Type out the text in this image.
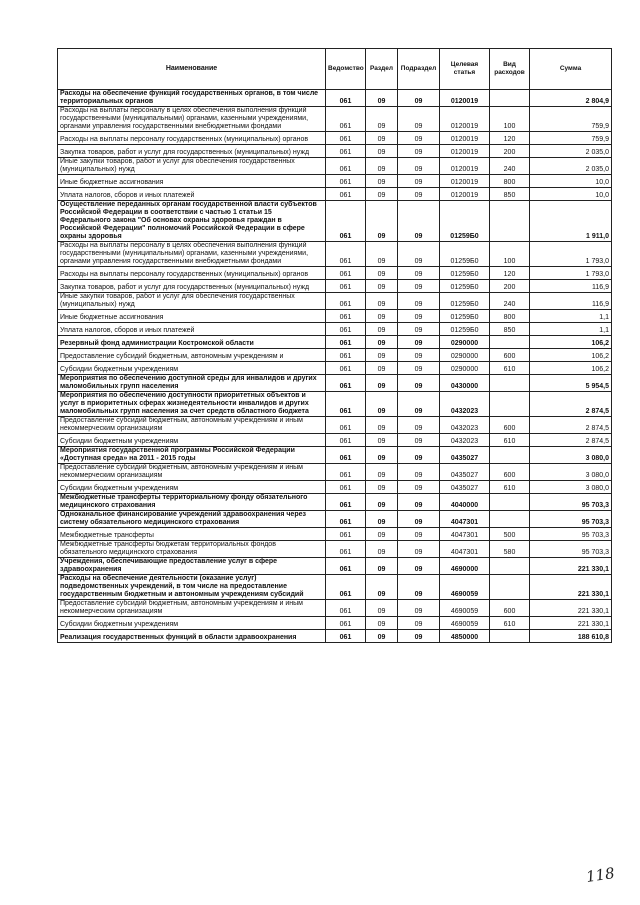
Наименование	Ведомство	Раздел	Подраздел	Целевая статья	Вид расходов	Сумма
Расходы на обеспечение функций государственных органов, в том числе территориальных органов	061	09	09	0120019		2 804,9
Расходы на выплаты персоналу в целях обеспечения выполнения функций государственными (муниципальными) органами, казенными учреждениями, органами управления государственными внебюджетными фондами	061	09	09	0120019	100	759,9
Расходы на выплаты персоналу государственных (муниципальных) органов	061	09	09	0120019	120	759,9
Закупка товаров, работ и услуг для государственных (муниципальных) нужд	061	09	09	0120019	200	2 035,0
Иные закупки товаров, работ и услуг для обеспечения государственных (муниципальных) нужд	061	09	09	0120019	240	2 035,0
Иные бюджетные ассигнования	061	09	09	0120019	800	10,0
Уплата налогов, сборов и иных платежей	061	09	09	0120019	850	10,0
Осуществление переданных органам государственной власти субъектов Российской Федерации в соответствии с частью 1 статьи 15 Федерального закона "Об основах охраны здоровья граждан в Российской Федерации" полномочий Российской Федерации в сфере охраны здоровья	061	09	09	01259Б0		1 911,0
Расходы на выплаты персоналу в целях обеспечения выполнения функций государственными (муниципальными) органами, казенными учреждениями, органами управления государственными внебюджетными фондами	061	09	09	01259Б0	100	1 793,0
Расходы на выплаты персоналу государственных (муниципальных) органов	061	09	09	01259Б0	120	1 793,0
Закупка товаров, работ и услуг для государственных (муниципальных) нужд	061	09	09	01259Б0	200	116,9
Иные закупки товаров, работ и услуг для обеспечения государственных (муниципальных) нужд	061	09	09	01259Б0	240	116,9
Иные бюджетные ассигнования	061	09	09	01259Б0	800	1,1
Уплата налогов, сборов и иных платежей	061	09	09	01259Б0	850	1,1
Резервный фонд администрации Костромской области	061	09	09	0290000		106,2
Предоставление субсидий бюджетным, автономным учреждениям и	061	09	09	0290000	600	106,2
Субсидии бюджетным учреждениям	061	09	09	0290000	610	106,2
Мероприятия по обеспечению доступной среды для инвалидов и других маломобильных групп населения	061	09	09	0430000		5 954,5
Мероприятия по обеспечению доступности приоритетных объектов и услуг в приоритетных сферах жизнедеятельности инвалидов и других маломобильных групп населения за счет средств областного бюджета	061	09	09	0432023		2 874,5
Предоставление субсидий бюджетным, автономным учреждениям и иным некоммерческим организациям	061	09	09	0432023	600	2 874,5
Субсидии бюджетным учреждениям	061	09	09	0432023	610	2 874,5
Мероприятия государственной программы Российской Федерации «Доступная среда» на 2011 - 2015 годы	061	09	09	0435027		3 080,0
Предоставление субсидий бюджетным, автономным учреждениям и иным некоммерческим организациям	061	09	09	0435027	600	3 080,0
Субсидии бюджетным учреждениям	061	09	09	0435027	610	3 080,0
Межбюджетные трансферты территориальному фонду обязательного медицинского страхования	061	09	09	4040000		95 703,3
Одноканальное финансирование учреждений здравоохранения через систему обязательного медицинского страхования	061	09	09	4047301		95 703,3
Межбюджетные трансферты	061	09	09	4047301	500	95 703,3
Межбюджетные трансферты бюджетам территориальных фондов обязательного медицинского страхования	061	09	09	4047301	580	95 703,3
Учреждения, обеспечивающие предоставление услуг в сфере здравоохранения	061	09	09	4690000		221 330,1
Расходы на обеспечение деятельности (оказание услуг) подведомственных учреждений, в том числе на предоставление государственным бюджетным и автономным учреждениям субсидий	061	09	09	4690059		221 330,1
Предоставление субсидий бюджетным, автономным учреждениям и иным некоммерческим организациям	061	09	09	4690059	600	221 330,1
Субсидии бюджетным учреждениям	061	09	09	4690059	610	221 330,1
Реализация государственных функций в области здравоохранения	061	09	09	4850000		188 610,8
118
